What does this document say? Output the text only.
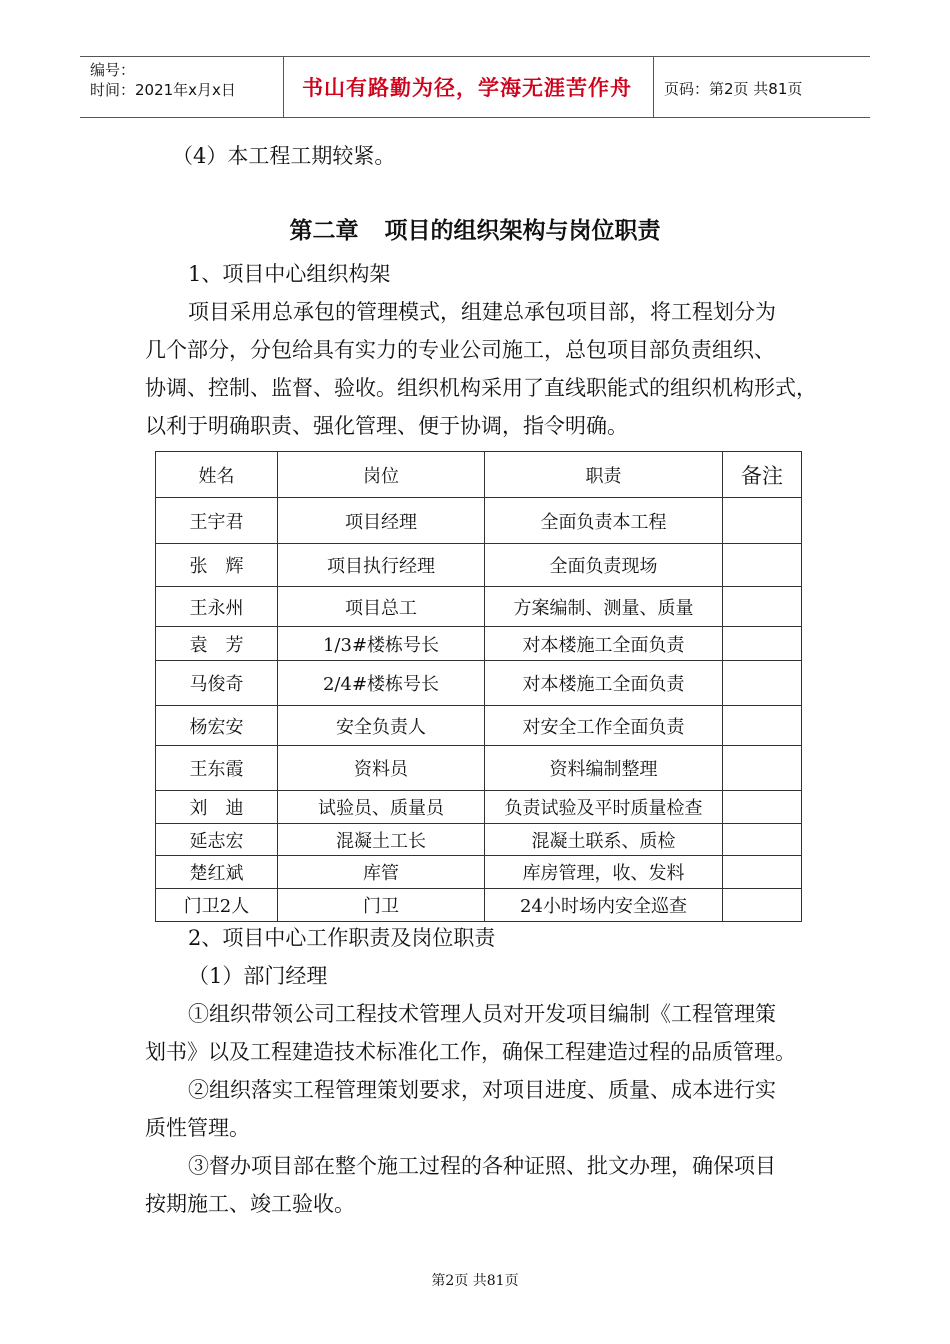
编号：
时间：2021年x月x日	书山有路勤为径，学海无涯苦作舟	页码：第2页 共81页
（4）本工程工期较紧。
第二章 项目的组织架构与岗位职责
1、项目中心组织构架
项目采用总承包的管理模式，组建总承包项目部，将工程划分为
几个部分，分包给具有实力的专业公司施工，总包项目部负责组织、
协调、控制、监督、验收。组织机构采用了直线职能式的组织机构形式，
以利于明确职责、强化管理、便于协调，指令明确。
姓名	岗位	职责	备注
王宇君	项目经理	全面负责本工程	
张　辉	项目执行经理	全面负责现场	
王永州	项目总工	方案编制、测量、质量	
袁　芳	1/3#楼栋号长	对本楼施工全面负责	
马俊奇	2/4#楼栋号长	对本楼施工全面负责	
杨宏安	安全负责人	对安全工作全面负责	
王东霞	资料员	资料编制整理	
刘　迪	试验员、质量员	负责试验及平时质量检查	
延志宏	混凝土工长	混凝土联系、质检	
楚红斌	库管	库房管理，收、发料	
门卫2人	门卫	24小时场内安全巡查	
2、项目中心工作职责及岗位职责
（1）部门经理
①组织带领公司工程技术管理人员对开发项目编制《工程管理策
划书》以及工程建造技术标准化工作，确保工程建造过程的品质管理。
②组织落实工程管理策划要求，对项目进度、质量、成本进行实
质性管理。
③督办项目部在整个施工过程的各种证照、批文办理，确保项目
按期施工、竣工验收。
第2页 共81页
